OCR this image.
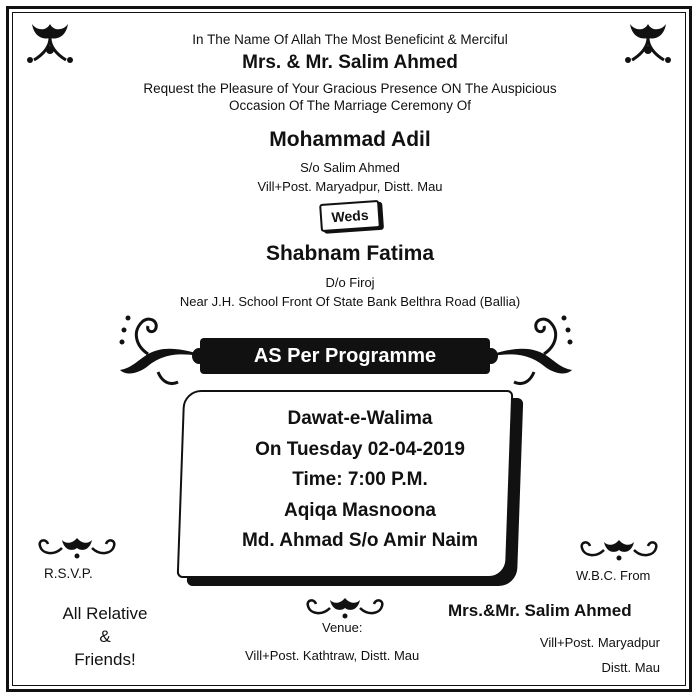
In The Name Of Allah The Most Beneficint & Merciful
Mrs. & Mr. Salim Ahmed
Request the Pleasure of Your Gracious Presence ON The Auspicious
Occasion Of The Marriage Ceremony Of
Mohammad Adil
S/o Salim Ahmed
Vill+Post. Maryadpur, Distt. Mau
Weds
Shabnam Fatima
D/o Firoj
Near J.H. School Front Of State Bank Belthra Road (Ballia)
AS Per Programme
Dawat-e-Walima
On Tuesday 02-04-2019
Time: 7:00 P.M.
Aqiqa Masnoona
Md. Ahmad S/o Amir Naim
R.S.V.P.
All Relative
&
Friends!
Venue:
Vill+Post. Kathtraw, Distt. Mau
W.B.C. From
Mrs.&Mr. Salim Ahmed
Vill+Post. Maryadpur
Distt. Mau
